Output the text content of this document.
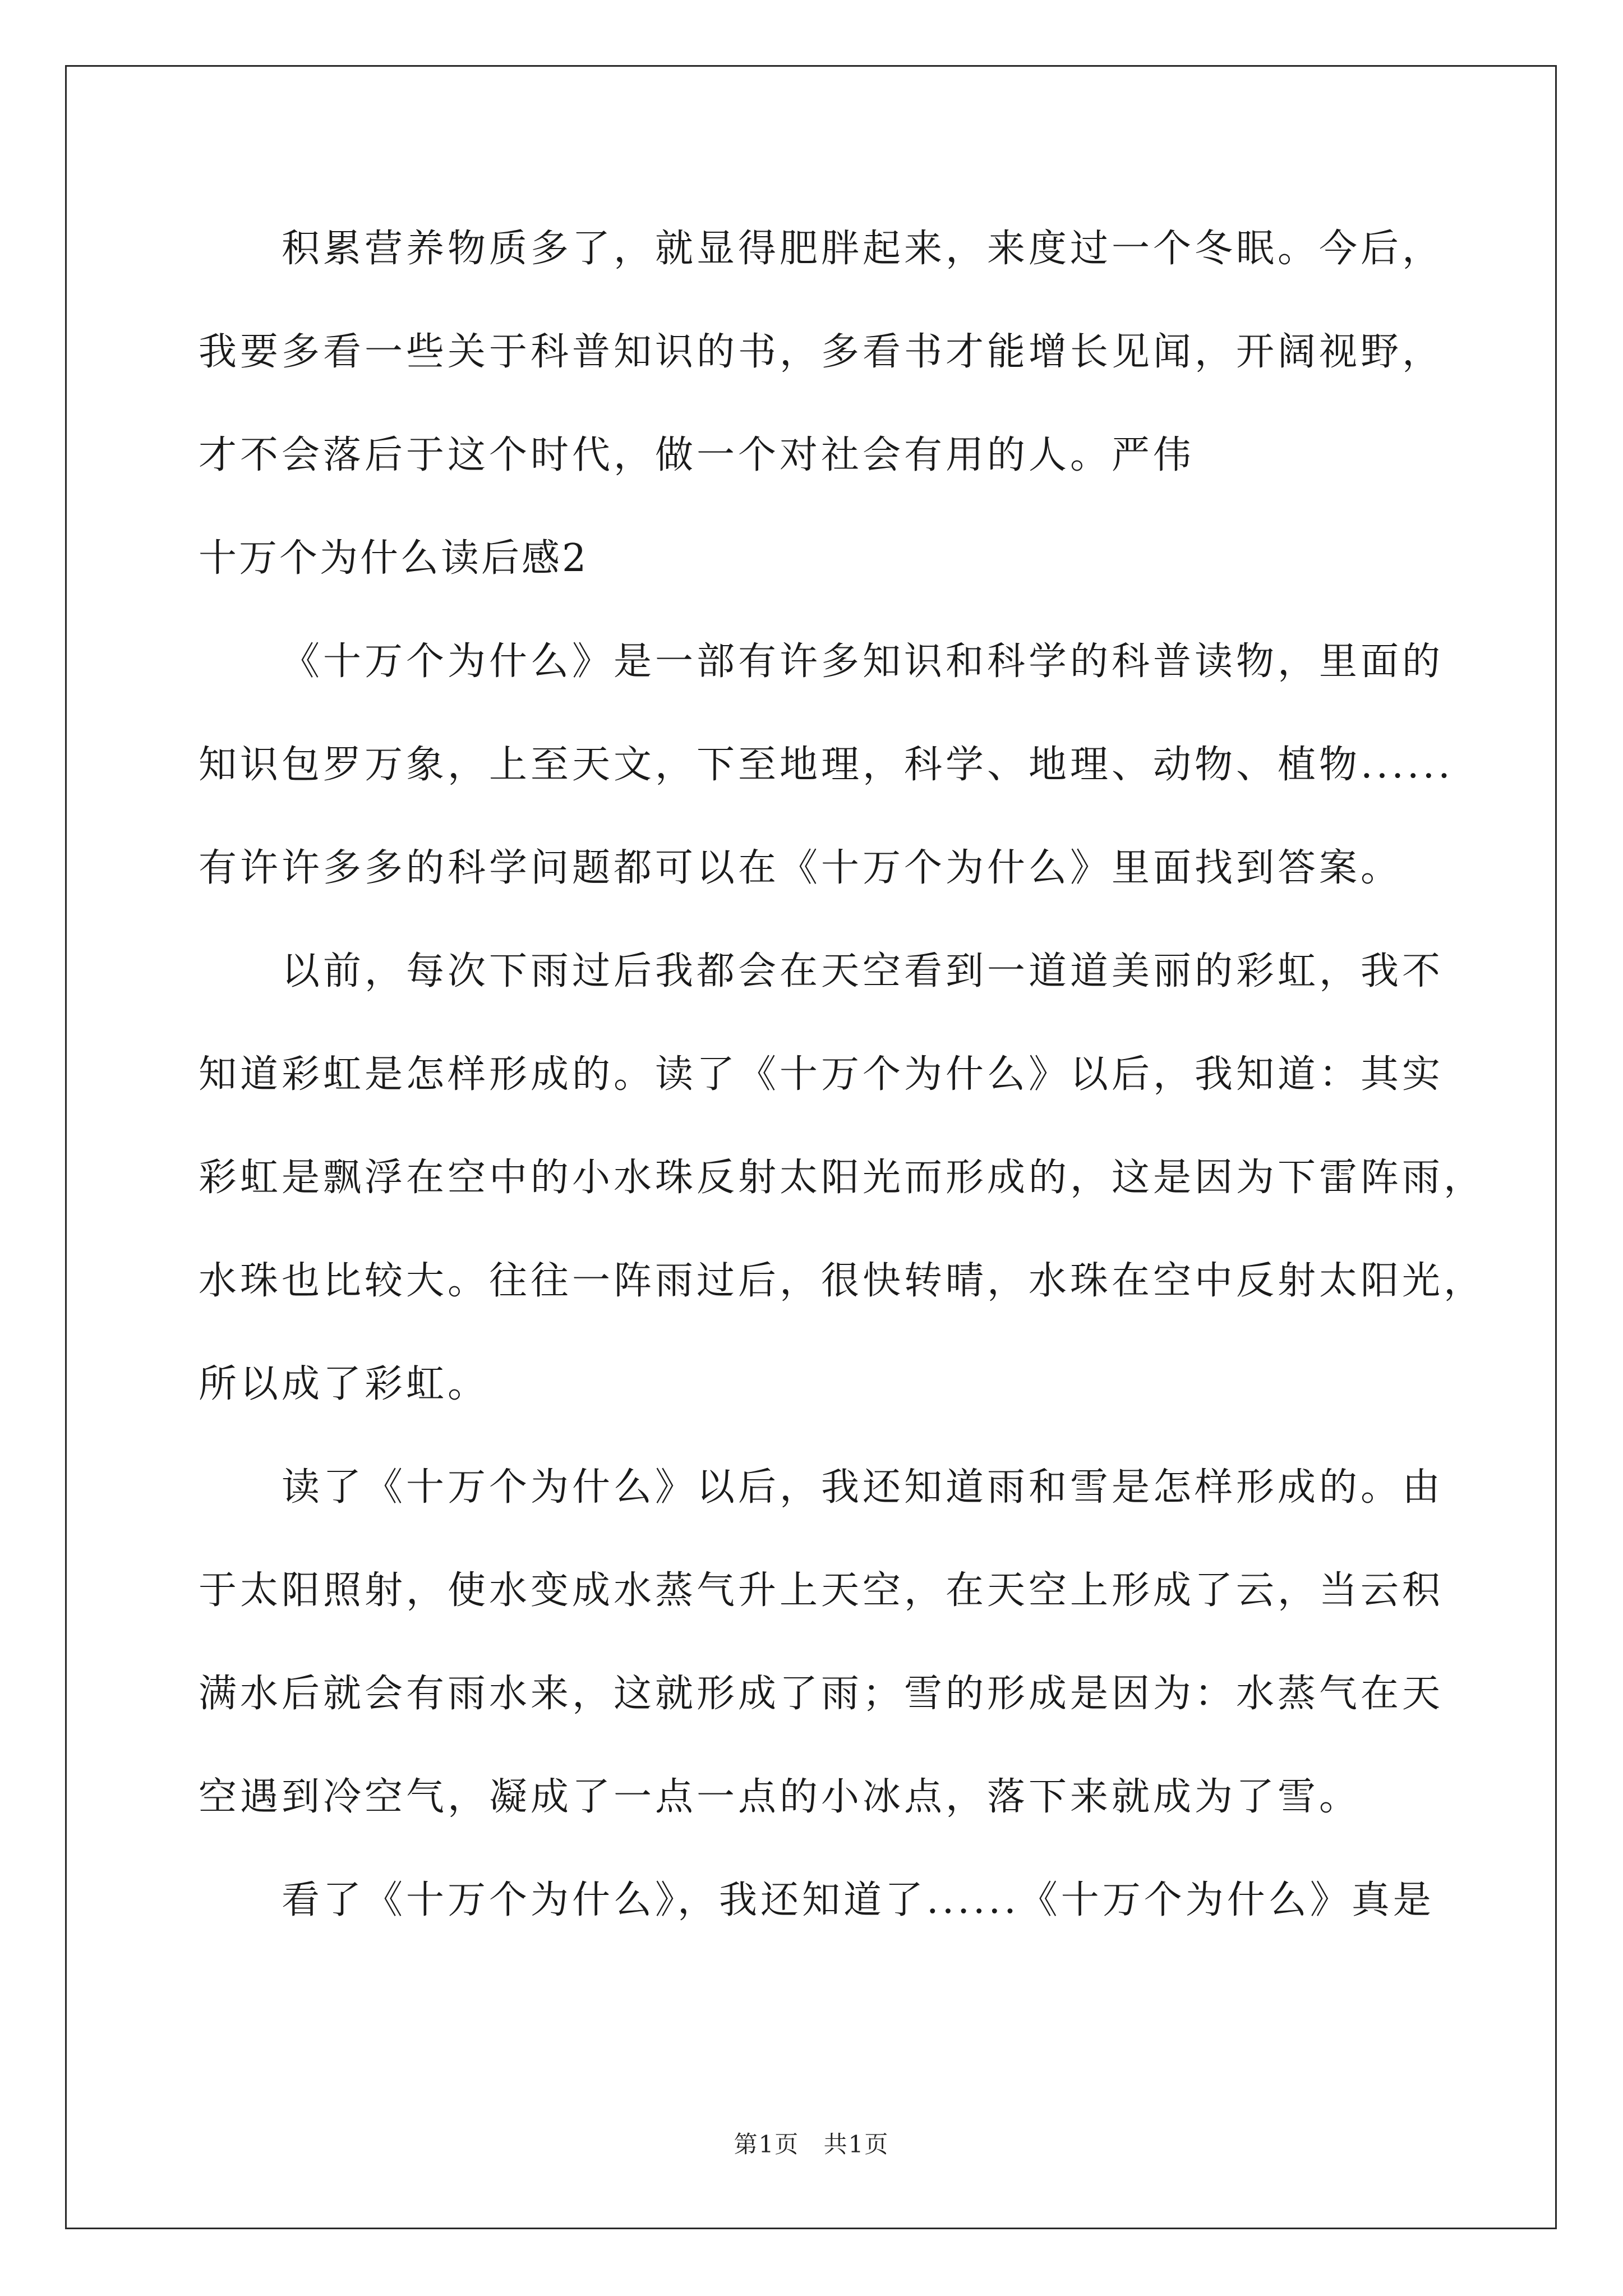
积累营养物质多了，就显得肥胖起来，来度过一个冬眠。今后，

我要多看一些关于科普知识的书，多看书才能增长见闻，开阔视野，

才不会落后于这个时代，做一个对社会有用的人。严伟

十万个为什么读后感2

《十万个为什么》是一部有许多知识和科学的科普读物，里面的

知识包罗万象，上至天文，下至地理，科学、地理、动物、植物......

有许许多多的科学问题都可以在《十万个为什么》里面找到答案。

以前，每次下雨过后我都会在天空看到一道道美丽的彩虹，我不

知道彩虹是怎样形成的。读了《十万个为什么》以后，我知道：其实

彩虹是飘浮在空中的小水珠反射太阳光而形成的，这是因为下雷阵雨，

水珠也比较大。往往一阵雨过后，很快转晴，水珠在空中反射太阳光，

所以成了彩虹。

读了《十万个为什么》以后，我还知道雨和雪是怎样形成的。由

于太阳照射，使水变成水蒸气升上天空，在天空上形成了云，当云积

满水后就会有雨水来，这就形成了雨；雪的形成是因为：水蒸气在天

空遇到冷空气，凝成了一点一点的小冰点，落下来就成为了雪。

看了《十万个为什么》，我还知道了......《十万个为什么》真是

第1页 共1页
